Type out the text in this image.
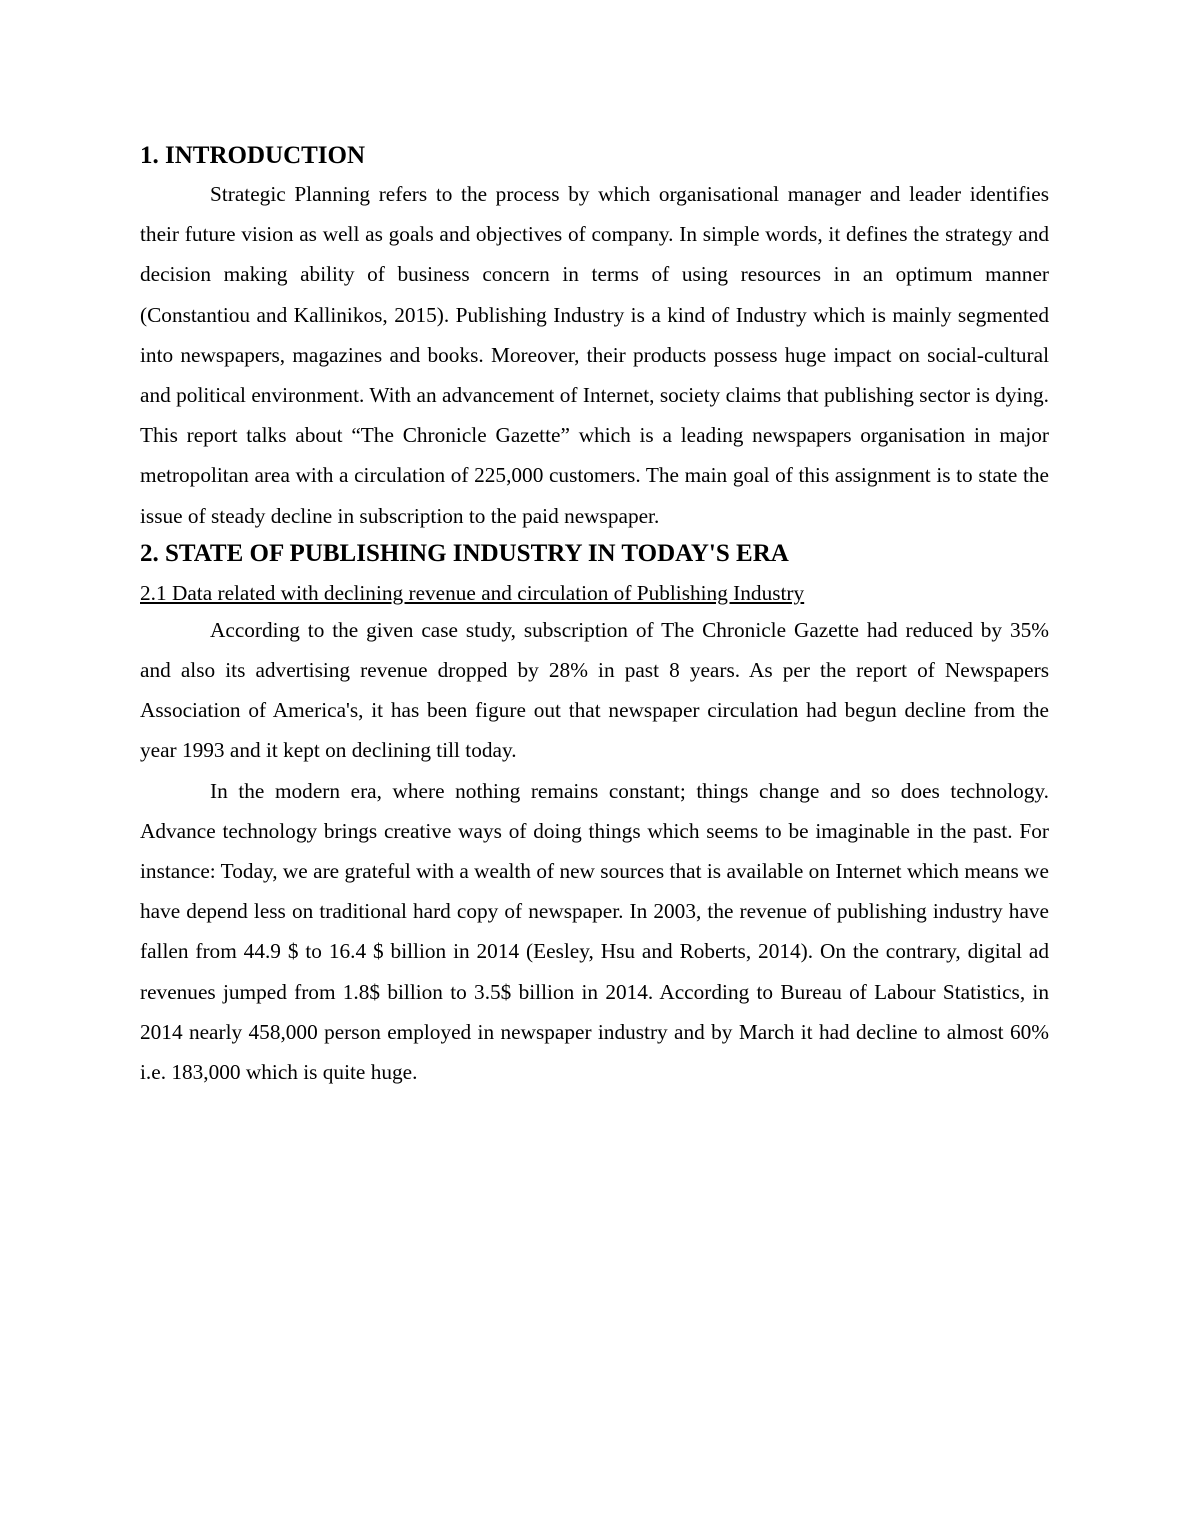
1. INTRODUCTION

Strategic Planning refers to the process by which organisational manager and leader identifies their future vision as well as goals and objectives of company. In simple words, it defines the strategy and decision making ability of business concern in terms of using resources in an optimum manner (Constantiou and Kallinikos, 2015). Publishing Industry is a kind of Industry which is mainly segmented into newspapers, magazines and books. Moreover, their products possess huge impact on social-cultural and political environment. With an advancement of Internet, society claims that publishing sector is dying. This report talks about “The Chronicle Gazette” which is a leading newspapers organisation in major metropolitan area with a circulation of 225,000 customers. The main goal of this assignment is to state the issue of steady decline in subscription to the paid newspaper.

2. STATE OF PUBLISHING INDUSTRY IN TODAY'S ERA
2.1 Data related with declining revenue and circulation of Publishing Industry

According to the given case study, subscription of The Chronicle Gazette had reduced by 35% and also its advertising revenue dropped by 28% in past 8 years. As per the report of Newspapers Association of America's, it has been figure out that newspaper circulation had begun decline from the year 1993 and it kept on declining till today.

In the modern era, where nothing remains constant; things change and so does technology. Advance technology brings creative ways of doing things which seems to be imaginable in the past. For instance: Today, we are grateful with a wealth of new sources that is available on Internet which means we have depend less on traditional hard copy of newspaper. In 2003, the revenue of publishing industry have fallen from 44.9 $ to 16.4 $ billion in 2014 (Eesley, Hsu and Roberts, 2014). On the contrary, digital ad revenues jumped from 1.8$ billion to 3.5$ billion in 2014. According to Bureau of Labour Statistics, in 2014 nearly 458,000 person employed in newspaper industry and by March it had decline to almost 60% i.e. 183,000 which is quite huge.
